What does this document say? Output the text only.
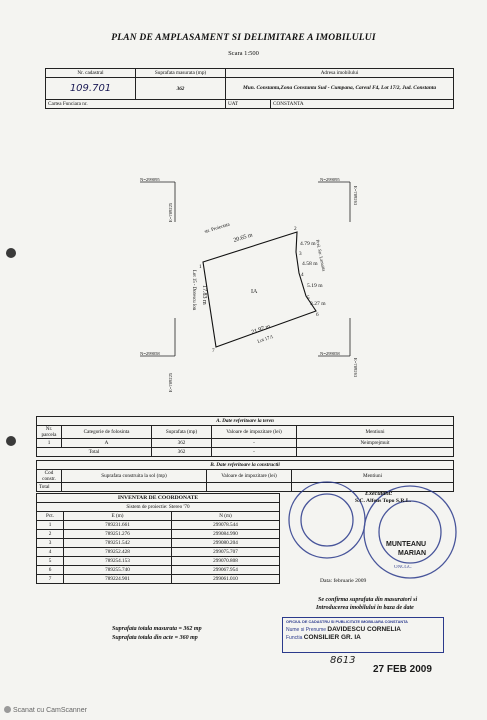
PLAN DE AMPLASAMENT SI DELIMITARE A IMOBILULUI
Scara 1:500
Nr. cadastral	Suprafata masurata (mp)	Adresa imobilului	
109.701	362	Mun. Constanta,Zona Constanta Sud - Cumpana, Careul F4, Lot 17/2, Jud. Constanta	
Cartea Funciara nr.		UAT	CONSTANTA
N=299095	N=299095
N=299058	N=299058
E=789225
E=789263
E=789225
E=789263
1
2
3
4
5
6
7
20.65 m
str. Proiectata
4.79 m
4.58 m
5.19 m
3.27 m
Prel. Str. Lamaita
21.97 m
Lot 17/1
17.83 m
Lot 15 - Dorescu Ion	IA
A. Date referitoare la teren				
Nr. parcela	Categorie de folosinta	Suprafata (mp)	Valoare de impozitare (lei)	Mentiuni
1	A	362	-	Neimprejmuit
Total		362	-	
B. Date referitoare la constructii			
Cod constr.	Suprafata construita la sol (mp)	Valoare de impozitare (lei)	Mentiuni
Total			
INVENTAR DE COORDONATE		
Sistem de proiectie: Stereo '70		
Pct.	E (m)	N (m)
1	789231.661	299078.544
2	789251.276	299084.990
3	789251.542	299080.204
4	789252.428	299075.707
5	789254.153	299070.808
6	789255.740	299067.954
7	789224.901	299061.010
ONCGC
Executant:
S.C. Alfeus Topo S.R.L.
MUNTEANU
MARIAN
Data: februarie 2009
Suprafata totala masurata = 362 mp
Suprafata totala din acte = 360 mp
Se confirma suprafata din masuratori si
Introducerea imobilului in baza de date
OFICIUL DE CADASTRU SI PUBLICITATE IMOBILIARA CONSTANTA
Nume si Prenume DAVIDESCU CORNELIA
Functia CONSILIER GR. IA
8613
27 FEB 2009
Scanat cu CamScanner
